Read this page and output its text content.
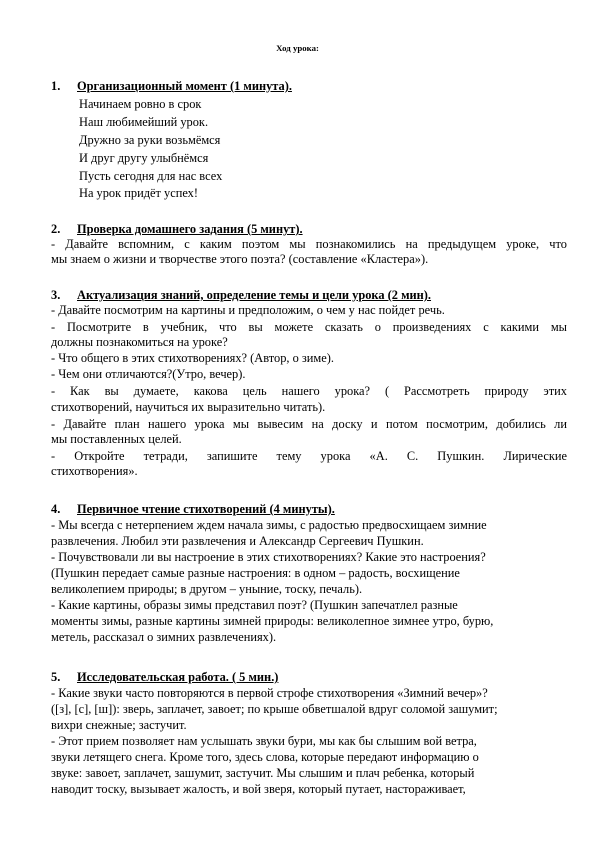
Ход урока:
1. Организационный момент (1 минута).
Начинаем ровно в срок
Наш любимейший урок.
Дружно за руки возьмёмся
И друг другу улыбнёмся
Пусть сегодня для нас всех
На урок придёт успех!
2. Проверка домашнего задания (5 минут).
- Давайте вспомним, с каким поэтом мы познакомились на предыдущем уроке, что
мы знаем о жизни и творчестве этого поэта? (составление «Кластера»).
3. Актуализация знаний, определение темы и цели урока (2 мин).
- Давайте посмотрим на картины и предположим, о чем у нас пойдет речь.
- Посмотрите в учебник, что вы можете сказать о произведениях с какими мы
должны познакомиться на уроке?
- Что общего в этих стихотворениях? (Автор, о зиме).
- Чем они отличаются?(Утро, вечер).
- Как вы думаете, какова цель нашего урока? ( Рассмотреть природу этих
стихотворений, научиться их выразительно читать).
- Давайте план нашего урока мы вывесим на доску и потом посмотрим, добились ли
мы поставленных целей.
- Откройте тетради, запишите тему урока «А. С. Пушкин. Лирические
стихотворения».
4. Первичное чтение стихотворений (4 минуты).
- Мы всегда с нетерпением ждем начала зимы, с радостью предвосхищаем зимние
развлечения. Любил эти развлечения и Александр Сергеевич Пушкин.
- Почувствовали ли вы настроение в этих стихотворениях? Какие это настроения?
(Пушкин передает самые разные настроения: в одном – радость, восхищение
великолепием природы; в другом – уныние, тоску, печаль).
- Какие картины, образы зимы представил поэт? (Пушкин запечатлел разные
моменты зимы, разные картины зимней природы: великолепное зимнее утро, бурю,
метель, рассказал о зимних развлечениях).
5. Исследовательская работа. ( 5 мин.)
- Какие звуки часто повторяются в первой строфе стихотворения «Зимний вечер»?
([з], [с], [ш]): зверь, заплачет, завоет; по крыше обветшалой вдруг соломой зашумит;
вихри снежные; застучит.
- Этот прием позволяет нам услышать звуки бури, мы как бы слышим вой ветра,
звуки летящего снега. Кроме того, здесь слова, которые передают информацию о
звуке: завоет, заплачет, зашумит, застучит. Мы слышим и плач ребенка, который
наводит тоску, вызывает жалость, и вой зверя, который путает, настораживает,
